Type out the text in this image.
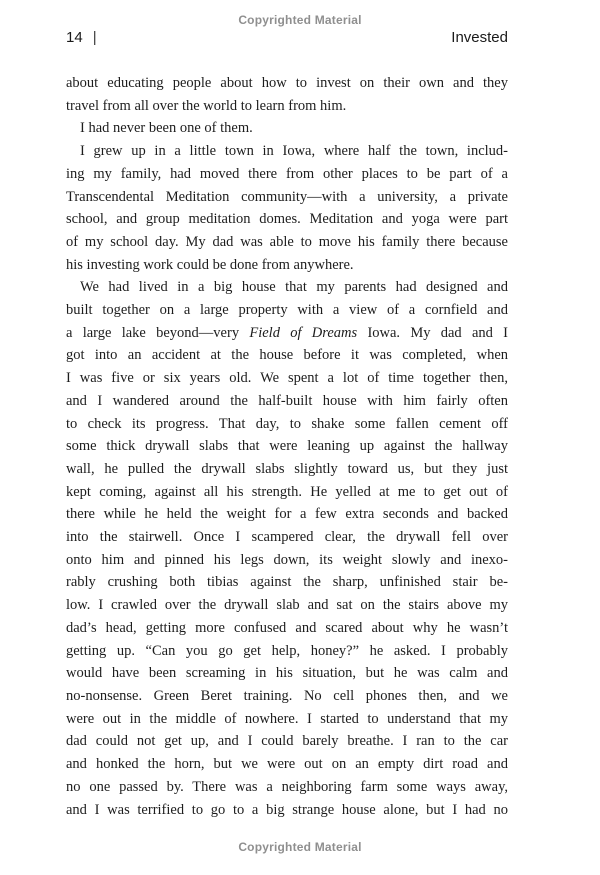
Copyrighted Material
14 |	Invested
about educating people about how to invest on their own and they
travel from all over the world to learn from him.
I had never been one of them.
I grew up in a little town in Iowa, where half the town, includ-
ing my family, had moved there from other places to be part of a
Transcendental Meditation community—with a university, a private
school, and group meditation domes. Meditation and yoga were part
of my school day. My dad was able to move his family there because
his investing work could be done from anywhere.
We had lived in a big house that my parents had designed and
built together on a large property with a view of a cornfield and
a large lake beyond—very Field of Dreams Iowa. My dad and I
got into an accident at the house before it was completed, when
I was five or six years old. We spent a lot of time together then,
and I wandered around the half-built house with him fairly often
to check its progress. That day, to shake some fallen cement off
some thick drywall slabs that were leaning up against the hallway
wall, he pulled the drywall slabs slightly toward us, but they just
kept coming, against all his strength. He yelled at me to get out of
there while he held the weight for a few extra seconds and backed
into the stairwell. Once I scampered clear, the drywall fell over
onto him and pinned his legs down, its weight slowly and inexo-
rably crushing both tibias against the sharp, unfinished stair be-
low. I crawled over the drywall slab and sat on the stairs above my
dad’s head, getting more confused and scared about why he wasn’t
getting up. “Can you go get help, honey?” he asked. I probably
would have been screaming in his situation, but he was calm and
no-nonsense. Green Beret training. No cell phones then, and we
were out in the middle of nowhere. I started to understand that my
dad could not get up, and I could barely breathe. I ran to the car
and honked the horn, but we were out on an empty dirt road and
no one passed by. There was a neighboring farm some ways away,
and I was terrified to go to a big strange house alone, but I had no
Copyrighted Material
